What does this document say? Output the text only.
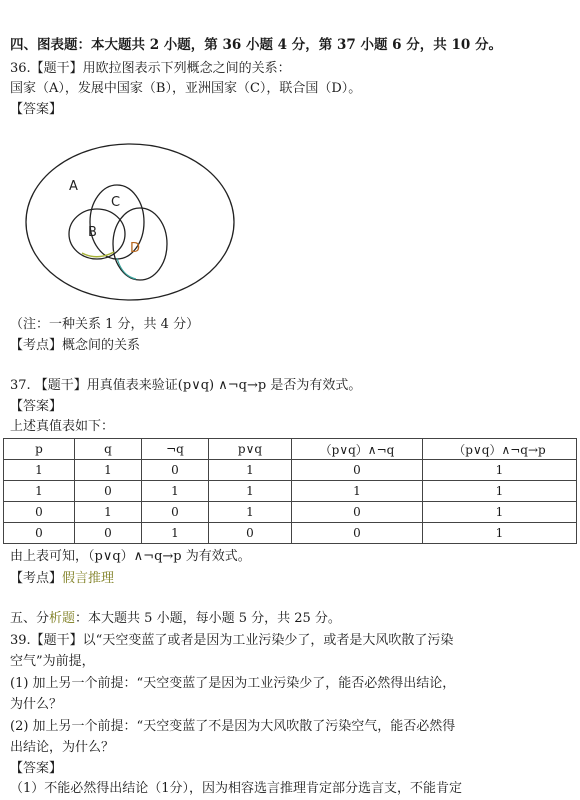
四、图表题：本大题共 2 小题，第 36 小题 4 分，第 37 小题 6 分，共 10 分。
36.【题干】用欧拉图表示下列概念之间的关系：
国家（A），发展中国家（B），亚洲国家（C），联合国（D）。
【答案】
A
C
B
D
（注：一种关系 1 分，共 4 分）
【考点】概念间的关系
37. 【题干】用真值表来验证(p∨q) ∧¬q→p 是否为有效式。
【答案】
上述真值表如下：
p	q	¬q	p∨q	（p∨q）∧¬q	（p∨q）∧¬q→p
1	1	0	1	0	1
1	0	1	1	1	1
0	1	0	1	0	1
0	0	1	0	0	1
由上表可知，（p∨q）∧¬q→p 为有效式。
【考点】假言推理
五、分析题：本大题共 5 小题，每小题 5 分，共 25 分。
39.【题干】以“天空变蓝了或者是因为工业污染少了，或者是大风吹散了污染
空气”为前提，
(1) 加上另一个前提：“天空变蓝了是因为工业污染少了，能否必然得出结论，
为什么？
(2) 加上另一个前提：“天空变蓝了不是因为大风吹散了污染空气，能否必然得
出结论，为什么？
【答案】
（1）不能必然得出结论（1分），因为相容选言推理肯定部分选言支，不能肯定
